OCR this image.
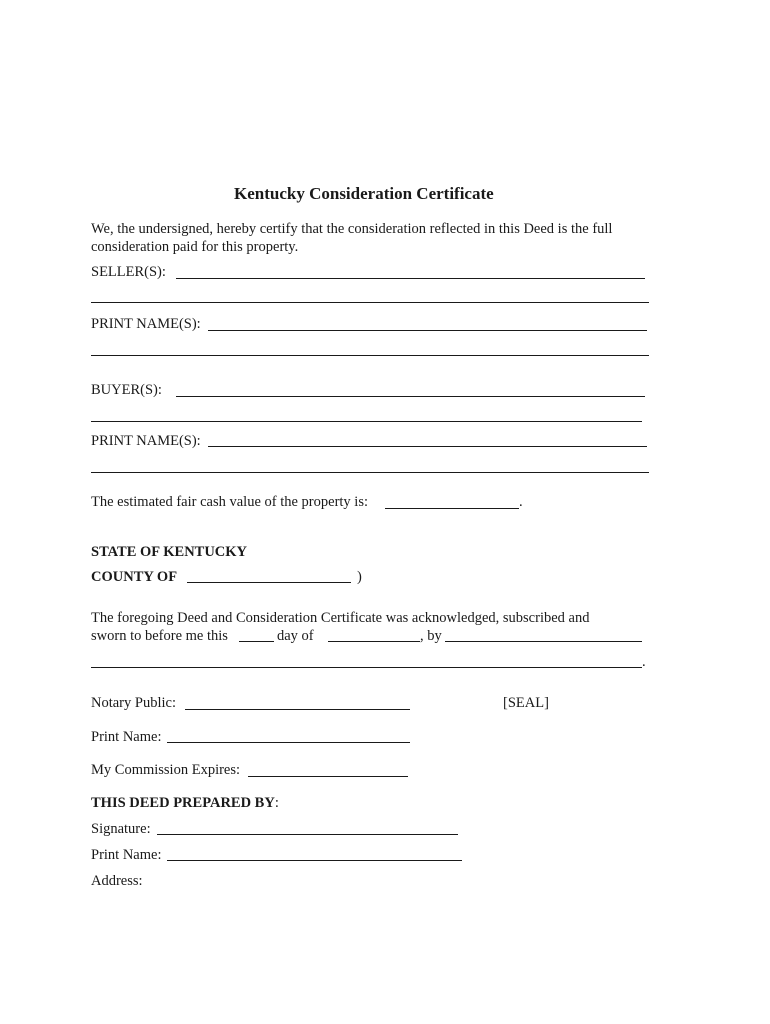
Kentucky Consideration Certificate
We, the undersigned, hereby certify that the consideration reflected in this Deed is the full
consideration paid for this property.
SELLER(S):
PRINT NAME(S):
BUYER(S):
PRINT NAME(S):
The estimated fair cash value of the property is:	.
STATE OF KENTUCKY
COUNTY OF	)
The foregoing Deed and Consideration Certificate was acknowledged, subscribed and
sworn to before me this	day of	, by
.
Notary Public:	[SEAL]
Print Name:
My Commission Expires:
THIS DEED PREPARED BY:
Signature:
Print Name:
Address:
